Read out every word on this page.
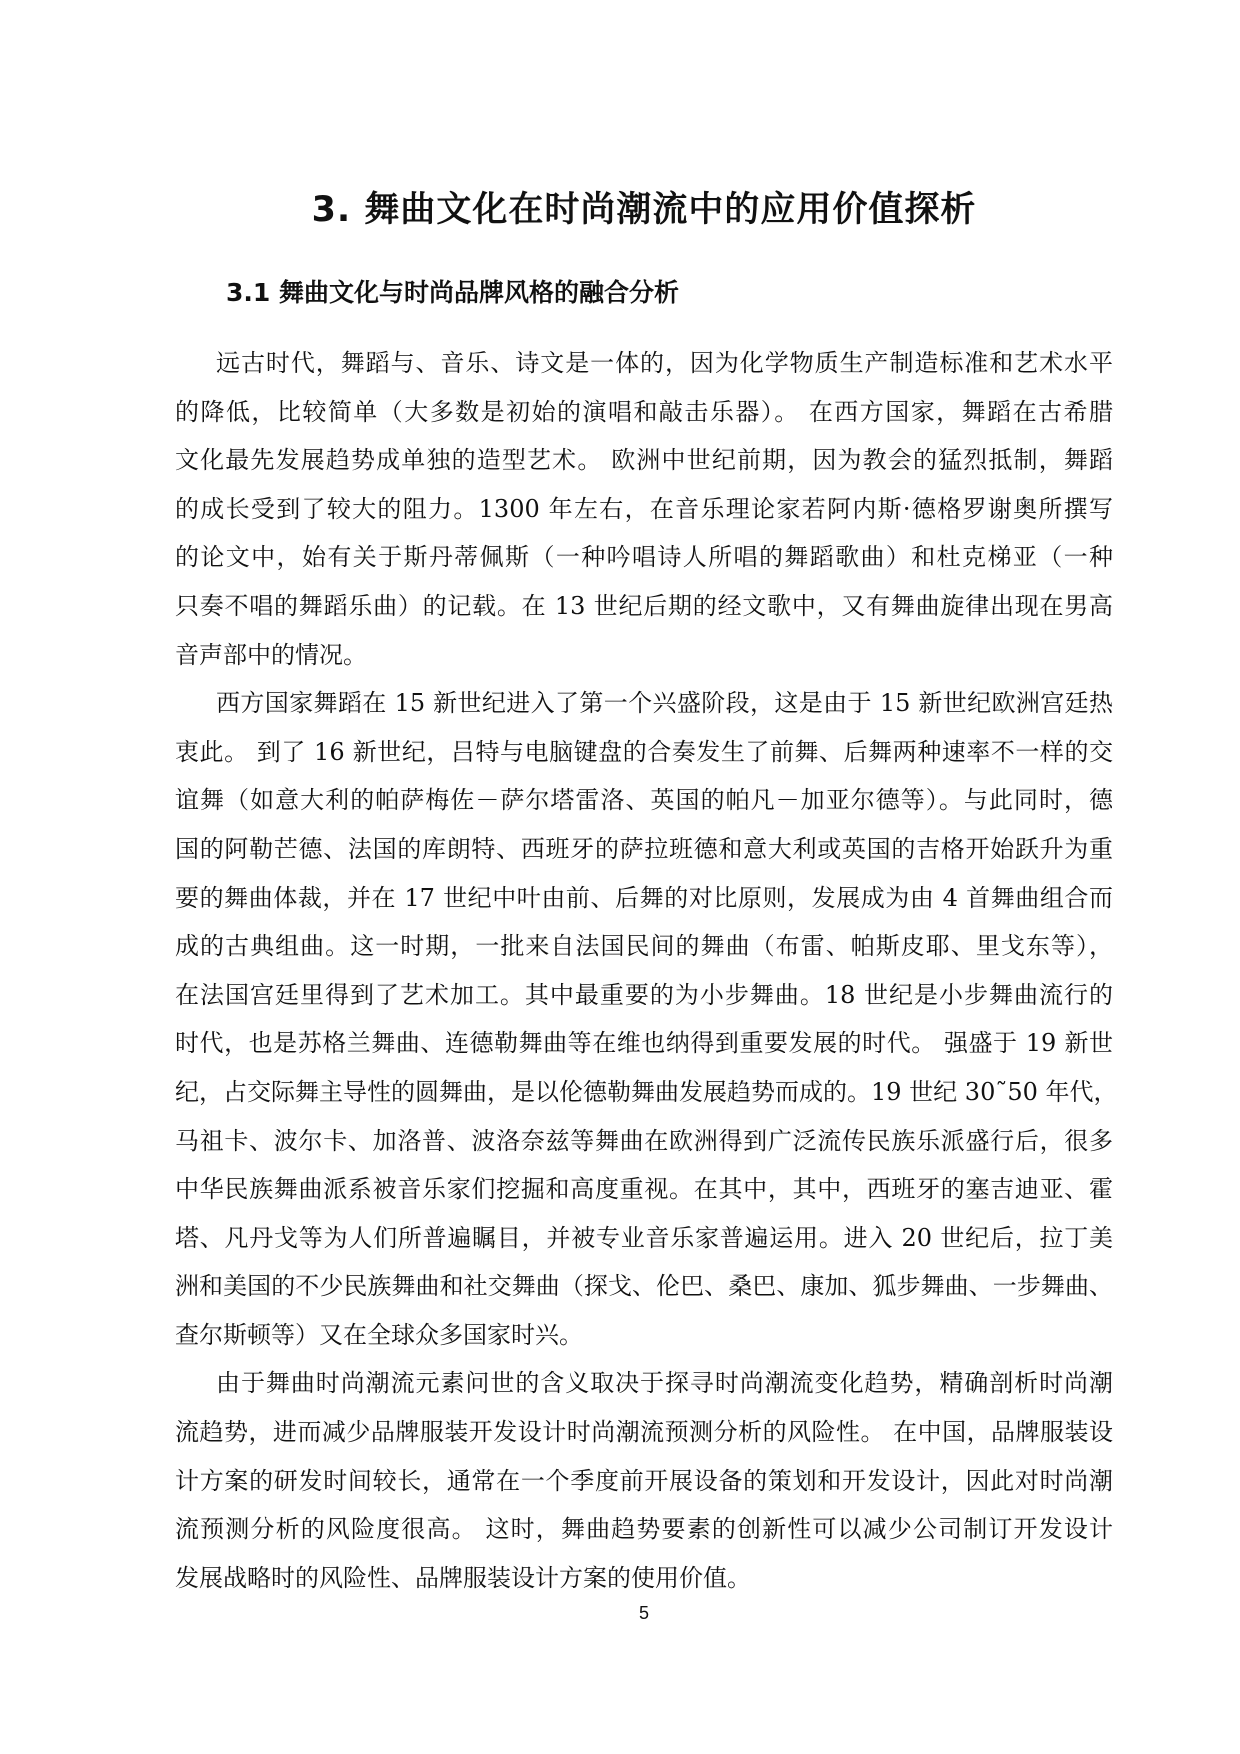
3. 舞曲文化在时尚潮流中的应用价值探析
3.1 舞曲文化与时尚品牌风格的融合分析
远古时代，舞蹈与、音乐、诗文是一体的，因为化学物质生产制造标准和艺术水平
的降低，比较简单（大多数是初始的演唱和敲击乐器）。 在西方国家，舞蹈在古希腊
文化最先发展趋势成单独的造型艺术。 欧洲中世纪前期，因为教会的猛烈抵制，舞蹈
的成长受到了较大的阻力。1300 年左右，在音乐理论家若阿内斯·德格罗谢奥所撰写
的论文中，始有关于斯丹蒂佩斯（一种吟唱诗人所唱的舞蹈歌曲）和杜克梯亚（一种
只奏不唱的舞蹈乐曲）的记载。在 13 世纪后期的经文歌中，又有舞曲旋律出现在男高
音声部中的情况。
西方国家舞蹈在 15 新世纪进入了第一个兴盛阶段，这是由于 15 新世纪欧洲宫廷热
衷此。 到了 16 新世纪，吕特与电脑键盘的合奏发生了前舞、后舞两种速率不一样的交
谊舞（如意大利的帕萨梅佐－萨尔塔雷洛、英国的帕凡－加亚尔德等）。与此同时，德
国的阿勒芒德、法国的库朗特、西班牙的萨拉班德和意大利或英国的吉格开始跃升为重
要的舞曲体裁，并在 17 世纪中叶由前、后舞的对比原则，发展成为由 4 首舞曲组合而
成的古典组曲。这一时期，一批来自法国民间的舞曲（布雷、帕斯皮耶、里戈东等），
在法国宫廷里得到了艺术加工。其中最重要的为小步舞曲。18 世纪是小步舞曲流行的
时代，也是苏格兰舞曲、连德勒舞曲等在维也纳得到重要发展的时代。 强盛于 19 新世
纪，占交际舞主导性的圆舞曲，是以伦德勒舞曲发展趋势而成的。19 世纪 30˜50 年代，
马祖卡、波尔卡、加洛普、波洛奈兹等舞曲在欧洲得到广泛流传民族乐派盛行后，很多
中华民族舞曲派系被音乐家们挖掘和高度重视。在其中，其中，西班牙的塞吉迪亚、霍
塔、凡丹戈等为人们所普遍瞩目，并被专业音乐家普遍运用。进入 20 世纪后，拉丁美
洲和美国的不少民族舞曲和社交舞曲（探戈、伦巴、桑巴、康加、狐步舞曲、一步舞曲、
查尔斯顿等）又在全球众多国家时兴。
由于舞曲时尚潮流元素问世的含义取决于探寻时尚潮流变化趋势，精确剖析时尚潮
流趋势，进而减少品牌服装开发设计时尚潮流预测分析的风险性。 在中国，品牌服装设
计方案的研发时间较长，通常在一个季度前开展设备的策划和开发设计，因此对时尚潮
流预测分析的风险度很高。 这时，舞曲趋势要素的创新性可以减少公司制订开发设计
发展战略时的风险性、品牌服装设计方案的使用价值。
5
